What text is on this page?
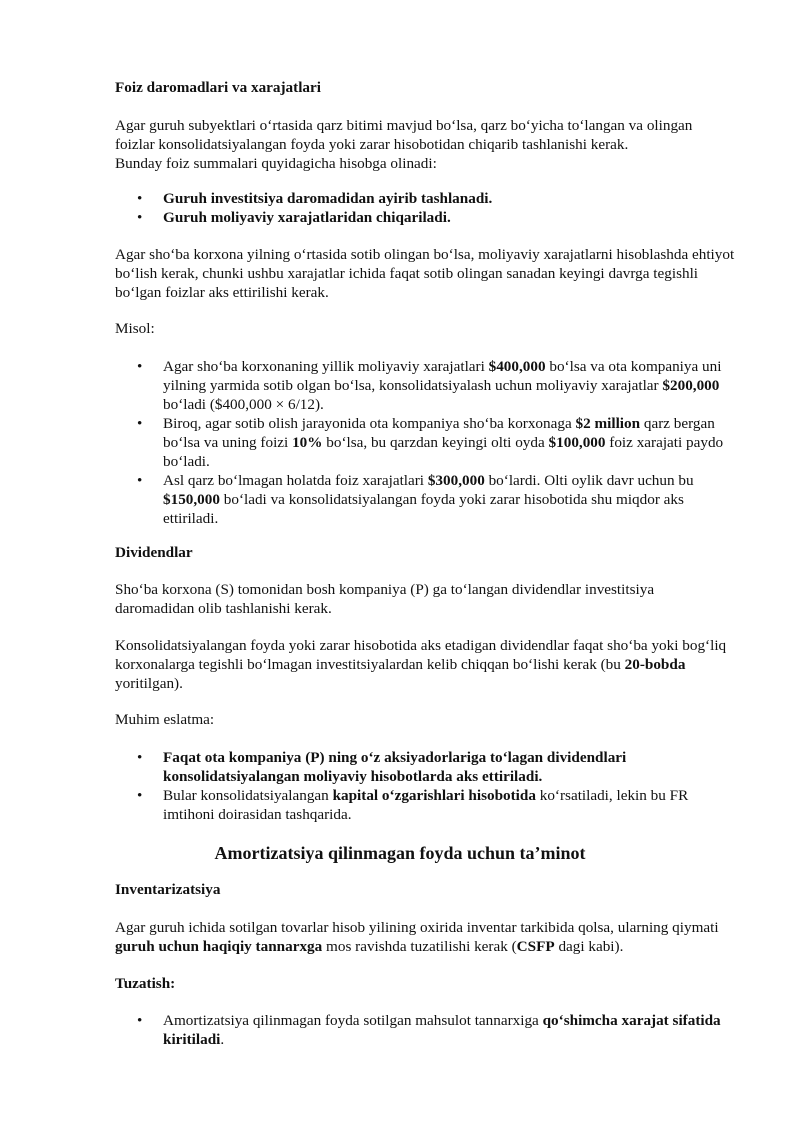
Foiz daromadlari va xarajatlari

Agar guruh subyektlari o‘rtasida qarz bitimi mavjud bo‘lsa, qarz bo‘yicha to‘langan va olingan foizlar konsolidatsiyalangan foyda yoki zarar hisobotidan chiqarib tashlanishi kerak.
Bunday foiz summalari quyidagicha hisobga olinadi:

• Guruh investitsiya daromadidan ayirib tashlanadi.
• Guruh moliyaviy xarajatlaridan chiqariladi.

Agar sho‘ba korxona yilning o‘rtasida sotib olingan bo‘lsa, moliyaviy xarajatlarni hisoblashda ehtiyot bo‘lish kerak, chunki ushbu xarajatlar ichida faqat sotib olingan sanadan keyingi davrga tegishli bo‘lgan foizlar aks ettirilishi kerak.

Misol:

• Agar sho‘ba korxonaning yillik moliyaviy xarajatlari $400,000 bo‘lsa va ota kompaniya uni yilning yarmida sotib olgan bo‘lsa, konsolidatsiyalash uchun moliyaviy xarajatlar $200,000 bo‘ladi ($400,000 × 6/12).
• Biroq, agar sotib olish jarayonida ota kompaniya sho‘ba korxonaga $2 million qarz bergan bo‘lsa va uning foizi 10% bo‘lsa, bu qarzdan keyingi olti oyda $100,000 foiz xarajati paydo bo‘ladi.
• Asl qarz bo‘lmagan holatda foiz xarajatlari $300,000 bo‘lardi. Olti oylik davr uchun bu $150,000 bo‘ladi va konsolidatsiyalangan foyda yoki zarar hisobotida shu miqdor aks ettiriladi.

Dividendlar

Sho‘ba korxona (S) tomonidan bosh kompaniya (P) ga to‘langan dividendlar investitsiya daromadidan olib tashlanishi kerak.

Konsolidatsiyalangan foyda yoki zarar hisobotida aks etadigan dividendlar faqat sho‘ba yoki bog‘liq korxonalarga tegishli bo‘lmagan investitsiyalardan kelib chiqqan bo‘lishi kerak (bu 20-bobda yoritilgan).

Muhim eslatma:

• Faqat ota kompaniya (P) ning o‘z aksiyadorlariga to‘lagan dividendlari konsolidatsiyalangan moliyaviy hisobotlarda aks ettiriladi.
• Bular konsolidatsiyalangan kapital o‘zgarishlari hisobotida ko‘rsatiladi, lekin bu FR imtihoni doirasidan tashqarida.

Amortizatsiya qilinmagan foyda uchun ta’minot

Inventarizatsiya

Agar guruh ichida sotilgan tovarlar hisob yilining oxirida inventar tarkibida qolsa, ularning qiymati guruh uchun haqiqiy tannarxga mos ravishda tuzatilishi kerak (CSFP dagi kabi).

Tuzatish:

• Amortizatsiya qilinmagan foyda sotilgan mahsulot tannarxiga qo‘shimcha xarajat sifatida kiritiladi.
